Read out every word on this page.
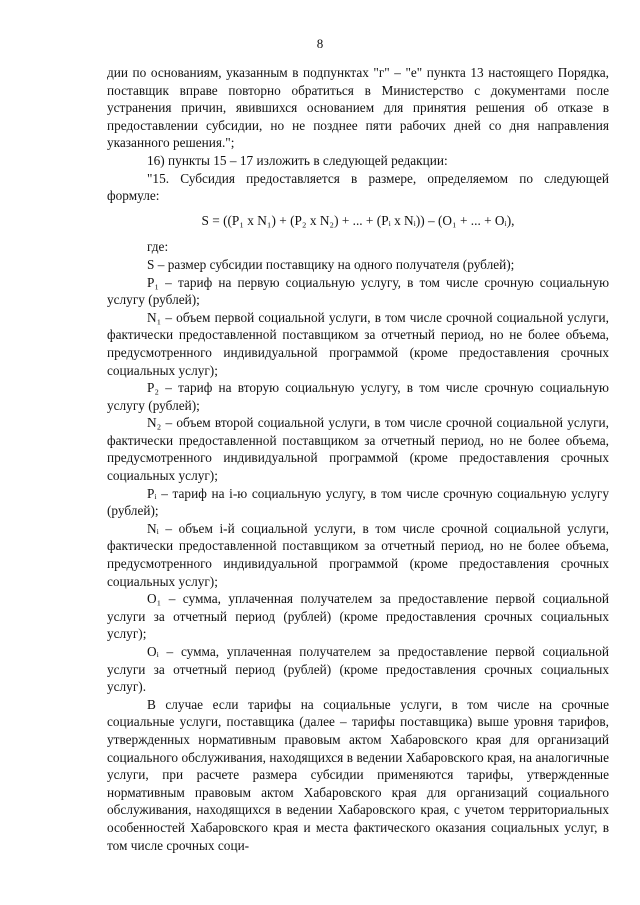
8

дии по основаниям, указанным в подпунктах "г" – "е" пункта 13 настоящего Порядка, поставщик вправе повторно обратиться в Министерство с документами после устранения причин, явившихся основанием для принятия решения об отказе в предоставлении субсидии, но не позднее пяти рабочих дней со дня направления указанного решения.";

16) пункты 15 – 17 изложить в следующей редакции:

"15. Субсидия предоставляется в размере, определяемом по следующей формуле:

S = ((P₁ x N₁) + (P₂ x N₂) + ... + (Pᵢ x Nᵢ)) – (O₁ + ... + Oᵢ),

где:

S – размер субсидии поставщику на одного получателя (рублей);

P₁ – тариф на первую социальную услугу, в том числе срочную социальную услугу (рублей);

N₁ – объем первой социальной услуги, в том числе срочной социальной услуги, фактически предоставленной поставщиком за отчетный период, но не более объема, предусмотренного индивидуальной программой (кроме предоставления срочных социальных услуг);

P₂ – тариф на вторую социальную услугу, в том числе срочную социальную услугу (рублей);

N₂ – объем второй социальной услуги, в том числе срочной социальной услуги, фактически предоставленной поставщиком за отчетный период, но не более объема, предусмотренного индивидуальной программой (кроме предоставления срочных социальных услуг);

Pᵢ – тариф на i-ю социальную услугу, в том числе срочную социальную услугу (рублей);

Nᵢ – объем i-й социальной услуги, в том числе срочной социальной услуги, фактически предоставленной поставщиком за отчетный период, но не более объема, предусмотренного индивидуальной программой (кроме предоставления срочных социальных услуг);

O₁ – сумма, уплаченная получателем за предоставление первой социальной услуги за отчетный период (рублей) (кроме предоставления срочных социальных услуг);

Oᵢ – сумма, уплаченная получателем за предоставление первой социальной услуги за отчетный период (рублей) (кроме предоставления срочных социальных услуг).

В случае если тарифы на социальные услуги, в том числе на срочные социальные услуги, поставщика (далее – тарифы поставщика) выше уровня тарифов, утвержденных нормативным правовым актом Хабаровского края для организаций социального обслуживания, находящихся в ведении Хабаровского края, на аналогичные услуги, при расчете размера субсидии применяются тарифы, утвержденные нормативным правовым актом Хабаровского края для организаций социального обслуживания, находящихся в ведении Хабаровского края, с учетом территориальных особенностей Хабаровского края и места фактического оказания социальных услуг, в том числе срочных соци-
